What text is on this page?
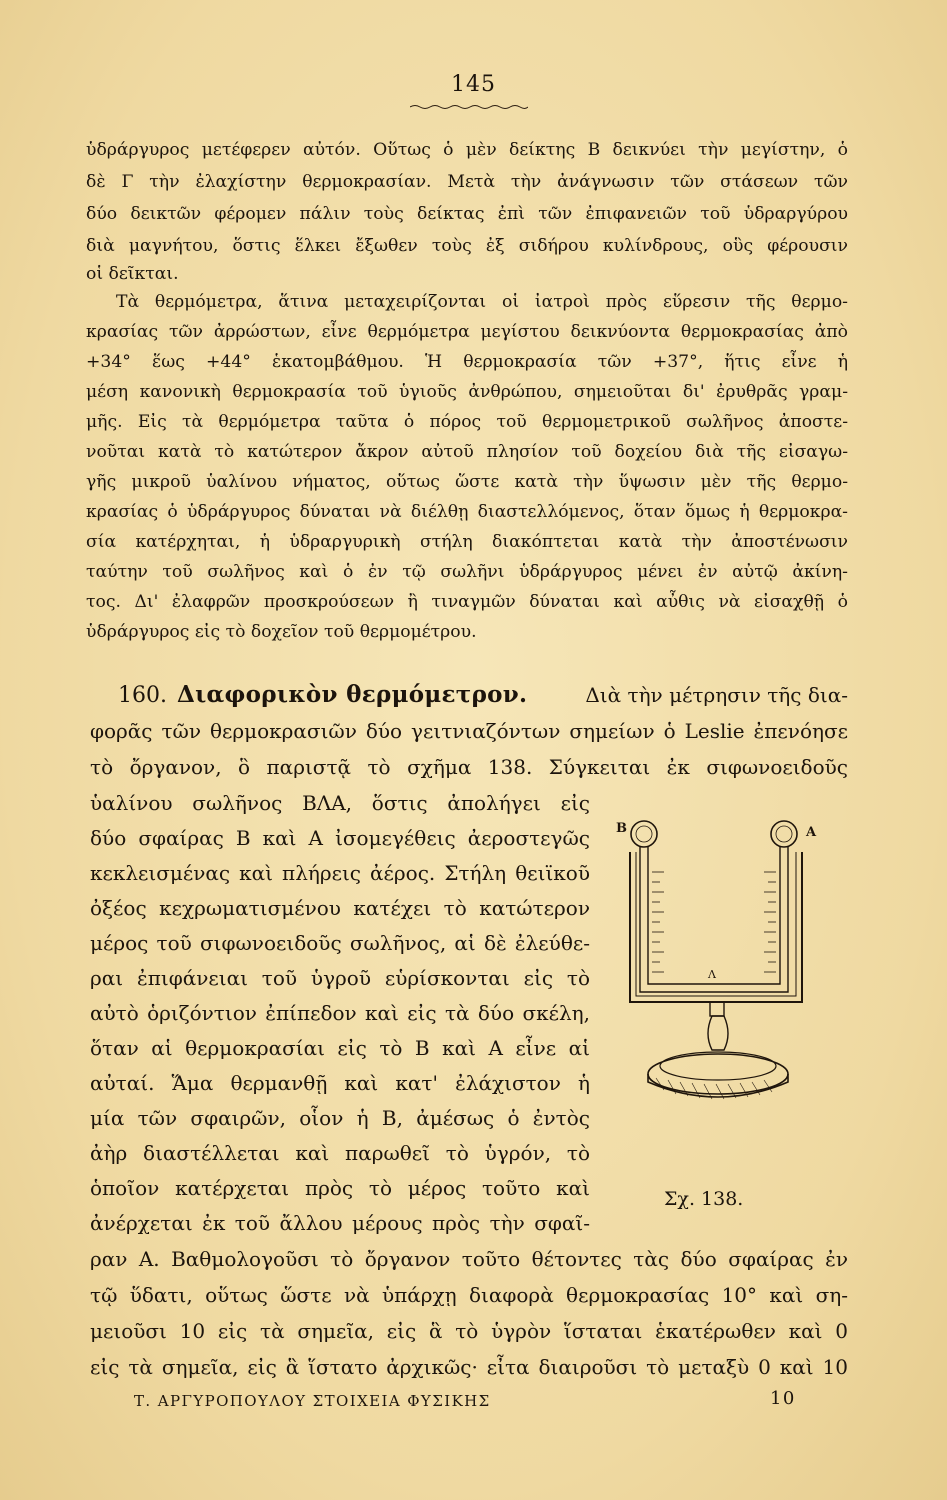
145
ὑδράργυρος μετέφερεν αὐτόν. Οὕτως ὁ μὲν δείκτης Β δεικνύει τὴν μεγίστην, ὁ
δὲ Γ τὴν ἐλαχίστην θερμοκρασίαν. Μετὰ τὴν ἀνάγνωσιν τῶν στάσεων τῶν
δύο δεικτῶν φέρομεν πάλιν τοὺς δείκτας ἐπὶ τῶν ἐπιφανειῶν τοῦ ὑδραργύρου
διὰ μαγνήτου, ὅστις ἕλκει ἔξωθεν τοὺς ἐξ σιδήρου κυλίνδρους, οὓς φέρουσιν
οἱ δεῖκται.
Τὰ θερμόμετρα, ἅτινα μεταχειρίζονται οἱ ἰατροὶ πρὸς εὕρεσιν τῆς θερμο-
κρασίας τῶν ἀρρώστων, εἶνε θερμόμετρα μεγίστου δεικνύοντα θερμοκρασίας ἀπὸ
+34° ἕως +44° ἑκατομβάθμου. Ἡ θερμοκρασία τῶν +37°, ἥτις εἶνε ἡ
μέση κανονικὴ θερμοκρασία τοῦ ὑγιοῦς ἀνθρώπου, σημειοῦται δι' ἐρυθρᾶς γραμ-
μῆς. Εἰς τὰ θερμόμετρα ταῦτα ὁ πόρος τοῦ θερμομετρικοῦ σωλῆνος ἀποστε-
νοῦται κατὰ τὸ κατώτερον ἄκρον αὐτοῦ πλησίον τοῦ δοχείου διὰ τῆς εἰσαγω-
γῆς μικροῦ ὑαλίνου νήματος, οὕτως ὥστε κατὰ τὴν ὕψωσιν μὲν τῆς θερμο-
κρασίας ὁ ὑδράργυρος δύναται νὰ διέλθῃ διαστελλόμενος, ὅταν ὅμως ἡ θερμοκρα-
σία κατέρχηται, ἡ ὑδραργυρικὴ στήλη διακόπτεται κατὰ τὴν ἀποστένωσιν
ταύτην τοῦ σωλῆνος καὶ ὁ ἐν τῷ σωλῆνι ὑδράργυρος μένει ἐν αὐτῷ ἀκίνη-
τος. Δι' ἐλαφρῶν προσκρούσεων ἢ τιναγμῶν δύναται καὶ αὖθις νὰ εἰσαχθῇ ὁ
ὑδράργυρος εἰς τὸ δοχεῖον τοῦ θερμομέτρου.
160. Διαφορικὸν θερμόμετρον.	Διὰ τὴν μέτρησιν τῆς δια-
φορᾶς τῶν θερμοκρασιῶν δύο γειτνιαζόντων σημείων ὁ Leslie ἐπενόησε
τὸ ὄργανον, ὃ παριστᾷ τὸ σχῆμα 138. Σύγκειται ἐκ σιφωνοειδοῦς
ὑαλίνου σωλῆνος ΒΛΑ, ὅστις ἀπολήγει εἰς
δύο σφαίρας Β καὶ Α ἰσομεγέθεις ἀεροστεγῶς
κεκλεισμένας καὶ πλήρεις ἀέρος. Στήλη θειϊκοῦ
ὀξέος κεχρωματισμένου κατέχει τὸ κατώτερον
μέρος τοῦ σιφωνοειδοῦς σωλῆνος, αἱ δὲ ἐλεύθε-
ραι ἐπιφάνειαι τοῦ ὑγροῦ εὑρίσκονται εἰς τὸ
αὐτὸ ὁριζόντιον ἐπίπεδον καὶ εἰς τὰ δύο σκέλη,
ὅταν αἱ θερμοκρασίαι εἰς τὸ Β καὶ Α εἶνε αἱ
αὐταί. Ἅμα θερμανθῇ καὶ κατ' ἐλάχιστον ἡ
μία τῶν σφαιρῶν, οἷον ἡ Β, ἀμέσως ὁ ἐντὸς
ἀὴρ διαστέλλεται καὶ παρωθεῖ τὸ ὑγρόν, τὸ
ὁποῖον κατέρχεται πρὸς τὸ μέρος τοῦτο καὶ
ἀνέρχεται ἐκ τοῦ ἄλλου μέρους πρὸς τὴν σφαῖ-
B	A
Λ
Σχ. 138.
ραν Α. Βαθμολογοῦσι τὸ ὄργανον τοῦτο θέτοντες τὰς δύο σφαίρας ἐν
τῷ ὕδατι, οὕτως ὥστε νὰ ὑπάρχῃ διαφορὰ θερμοκρασίας 10° καὶ ση-
μειοῦσι 10 εἰς τὰ σημεῖα, εἰς ἃ τὸ ὑγρὸν ἵσταται ἑκατέρωθεν καὶ 0
εἰς τὰ σημεῖα, εἰς ἃ ἵστατο ἀρχικῶς· εἶτα διαιροῦσι τὸ μεταξὺ 0 καὶ 10
Τ. ΑΡΓΥΡΟΠΟΥΛΟΥ ΣΤΟΙΧΕΙΑ ΦΥΣΙΚΗΣ	10
